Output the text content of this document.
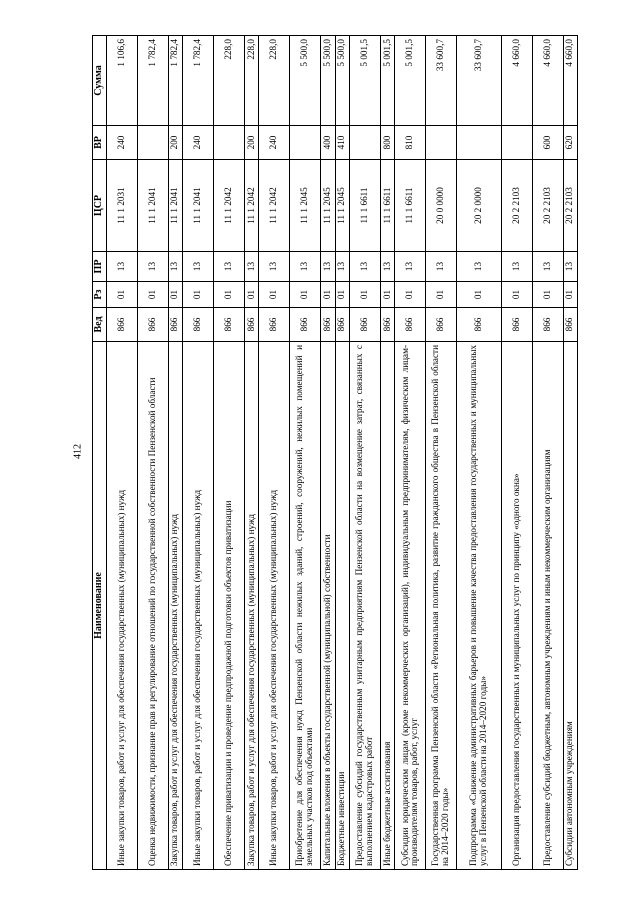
412
Наименование	Вед	Рз	ПР	ЦСР	ВР	Сумма
Иные закупки товаров, работ и услуг для обеспечения государственных (муниципальных) нужд	866	01	13	11 1 2031	240	1 106,6
Оценка недвижимости, признание прав и регулирование отношений по государственной собственности Пензенской области	866	01	13	11 1 2041		1 782,4
Закупка товаров, работ и услуг для обеспечения государственных (муниципальных) нужд	866	01	13	11 1 2041	200	1 782,4
Иные закупки товаров, работ и услуг для обеспечения государственных (муниципальных) нужд	866	01	13	11 1 2041	240	1 782,4
Обеспечение приватизации и проведение предпродажной подготовки объектов приватизации	866	01	13	11 1 2042		228,0
Закупка товаров, работ и услуг для обеспечения государственных (муниципальных) нужд	866	01	13	11 1 2042	200	228,0
Иные закупки товаров, работ и услуг для обеспечения государственных (муниципальных) нужд	866	01	13	11 1 2042	240	228,0
Приобретение для обеспечения нужд Пензенской области нежилых зданий, строений, сооружений, нежилых помещений и земельных участков под объектами	866	01	13	11 1 2045		5 500,0
Капитальные вложения в объекты государственной (муниципальной) собственности	866	01	13	11 1 2045	400	5 500,0
Бюджетные инвестиции	866	01	13	11 1 2045	410	5 500,0
Предоставление субсидий государственным унитарным предприятиям Пензенской области на возмещение затрат, связанных с выполнением кадастровых работ	866	01	13	11 1 6611		5 001,5
Иные бюджетные ассигнования	866	01	13	11 1 6611	800	5 001,5
Субсидии юридическим лицам (кроме некоммерческих организаций), индивидуальным предпринимателям, физическим лицам-производителям товаров, работ, услуг	866	01	13	11 1 6611	810	5 001,5
Государственная программа Пензенской области «Региональная политика, развитие гражданского общества в Пензенской области на 2014–2020 годы»	866	01	13	20 0 0000		33 600,7
Подпрограмма «Снижение административных барьеров и повышение качества предоставления государственных и муниципальных услуг в Пензенской области на 2014–2020 годы»	866	01	13	20 2 0000		33 600,7
Организация предоставления государственных и муниципальных услуг по принципу «одного окна»	866	01	13	20 2 2103		4 660,0
Предоставление субсидий бюджетным, автономным учреждениям и иным некоммерческим организациям	866	01	13	20 2 2103	600	4 660,0
Субсидии автономным учреждениям	866	01	13	20 2 2103	620	4 660,0
